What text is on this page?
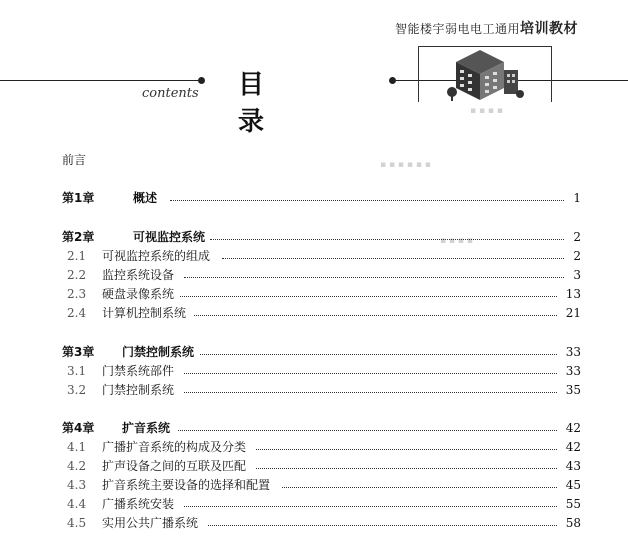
智能楼宇弱电电工通用培训教材
contents 目录	▪ ▪ ▪ ▪
▪ ▪ ▪ ▪ ▪ ▪
▪ ▪ ▪ ▪
前言
第1章	概述	1
第2章	可视监控系统	2
2.1 可视监控系统的组成	2
2.2 监控系统设备	3
2.3 硬盘录像系统	13
2.4 计算机控制系统	21
第3章 门禁控制系统	33
3.1 门禁系统部件	33
3.2 门禁控制系统	35
第4章 扩音系统	42
4.1 广播扩音系统的构成及分类	42
4.2 扩声设备之间的互联及匹配	43
4.3 扩音系统主要设备的选择和配置	45
4.4 广播系统安装	55
4.5 实用公共广播系统	58
